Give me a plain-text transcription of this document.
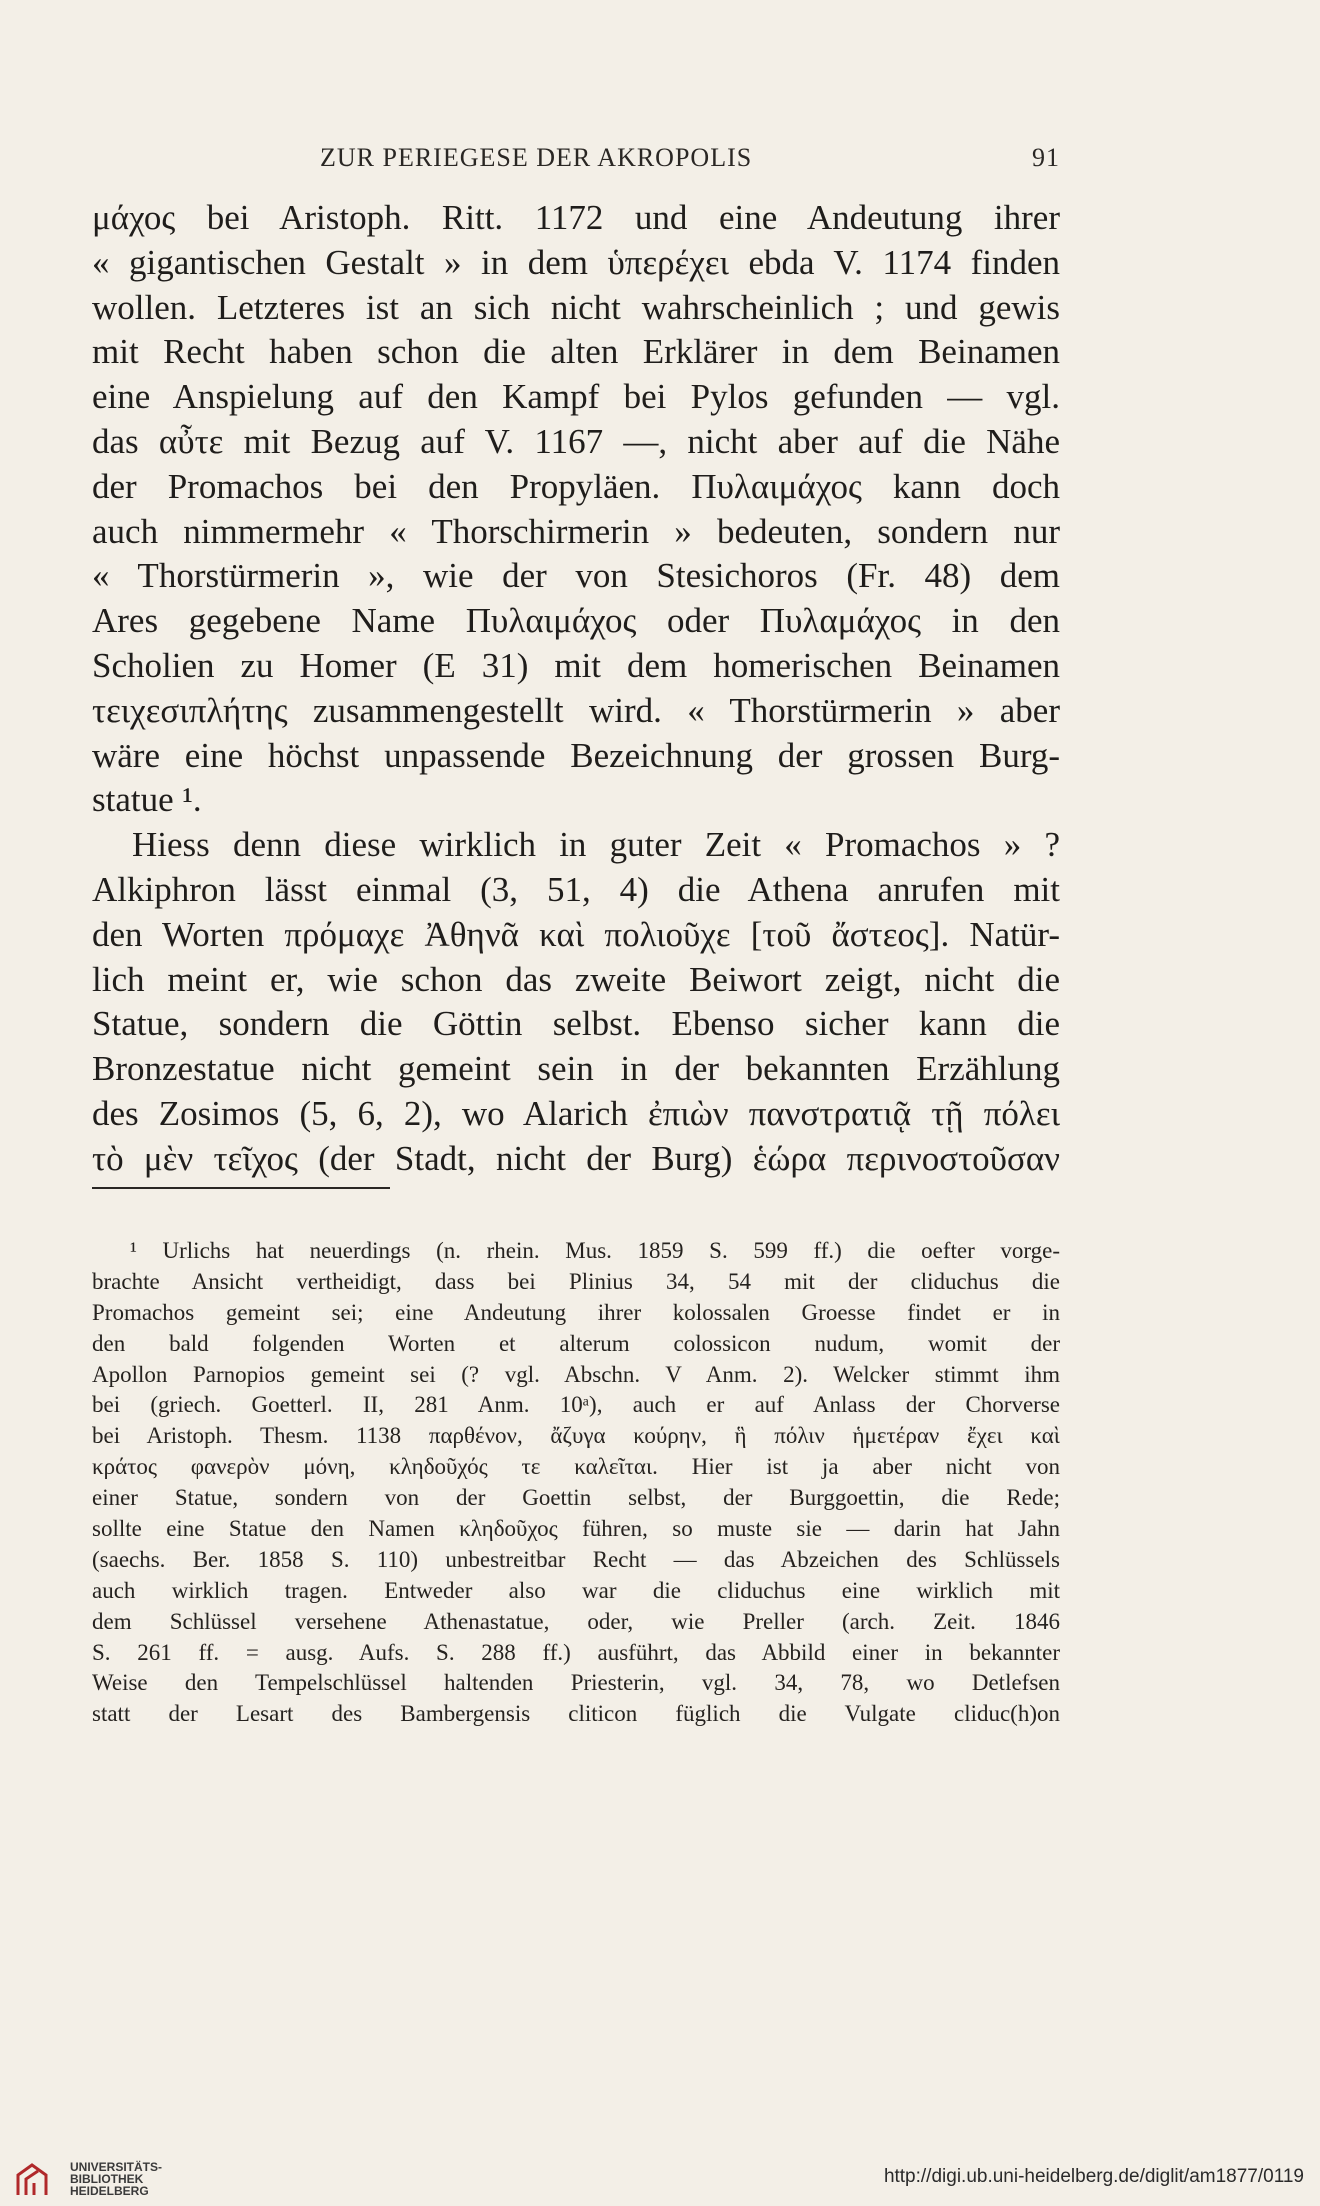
ZUR PERIEGESE DER AKROPOLIS	91
μάχος bei Aristoph. Ritt. 1172 und eine Andeutung ihrer
« gigantischen Gestalt » in dem ὑπερέχει ebda V. 1174 finden
wollen. Letzteres ist an sich nicht wahrscheinlich ; und gewis
mit Recht haben schon die alten Erklärer in dem Beinamen
eine Anspielung auf den Kampf bei Pylos gefunden — vgl.
das αὖτε mit Bezug auf V. 1167 —, nicht aber auf die Nähe
der Promachos bei den Propyläen. Πυλαιμάχος kann doch
auch nimmermehr « Thorschirmerin » bedeuten, sondern nur
« Thorstürmerin », wie der von Stesichoros (Fr. 48) dem
Ares gegebene Name Πυλαιμάχος oder Πυλαμάχος in den
Scholien zu Homer (E 31) mit dem homerischen Beinamen
τειχεσιπλήτης zusammengestellt wird. « Thorstürmerin » aber
wäre eine höchst unpassende Bezeichnung der grossen Burg-
statue ¹.
Hiess denn diese wirklich in guter Zeit « Promachos » ?
Alkiphron lässt einmal (3, 51, 4) die Athena anrufen mit
den Worten πρόμαχε Ἀθηνᾶ καὶ πολιοῦχε [τοῦ ἄστεος]. Natür-
lich meint er, wie schon das zweite Beiwort zeigt, nicht die
Statue, sondern die Göttin selbst. Ebenso sicher kann die
Bronzestatue nicht gemeint sein in der bekannten Erzählung
des Zosimos (5, 6, 2), wo Alarich ἐπιὼν πανστρατιᾷ τῇ πόλει
τὸ μὲν τεῖχος (der Stadt, nicht der Burg) ἑώρα περινοστοῦσαν
¹ Urlichs hat neuerdings (n. rhein. Mus. 1859 S. 599 ff.) die oefter vorge-
brachte Ansicht vertheidigt, dass bei Plinius 34, 54 mit der cliduchus die
Promachos gemeint sei; eine Andeutung ihrer kolossalen Groesse findet er in
den bald folgenden Worten et alterum colossicon nudum, womit der
Apollon Parnopios gemeint sei (? vgl. Abschn. V Anm. 2). Welcker stimmt ihm
bei (griech. Goetterl. II, 281 Anm. 10ᵃ), auch er auf Anlass der Chorverse
bei Aristoph. Thesm. 1138 παρθένον, ἄζυγα κούρην, ἣ πόλιν ἡμετέραν ἔχει καὶ
κράτος φανερὸν μόνη, κληδοῦχός τε καλεῖται. Hier ist ja aber nicht von
einer Statue, sondern von der Goettin selbst, der Burggoettin, die Rede;
sollte eine Statue den Namen κληδοῦχος führen, so muste sie — darin hat Jahn
(saechs. Ber. 1858 S. 110) unbestreitbar Recht — das Abzeichen des Schlüssels
auch wirklich tragen. Entweder also war die cliduchus eine wirklich mit
dem Schlüssel versehene Athenastatue, oder, wie Preller (arch. Zeit. 1846
S. 261 ff. = ausg. Aufs. S. 288 ff.) ausführt, das Abbild einer in bekannter
Weise den Tempelschlüssel haltenden Priesterin, vgl. 34, 78, wo Detlefsen
statt der Lesart des Bambergensis cliticon füglich die Vulgate cliduc(h)on
UNIVERSITÄTS-
BIBLIOTHEK
HEIDELBERG
http://digi.ub.uni-heidelberg.de/diglit/am1877/0119
